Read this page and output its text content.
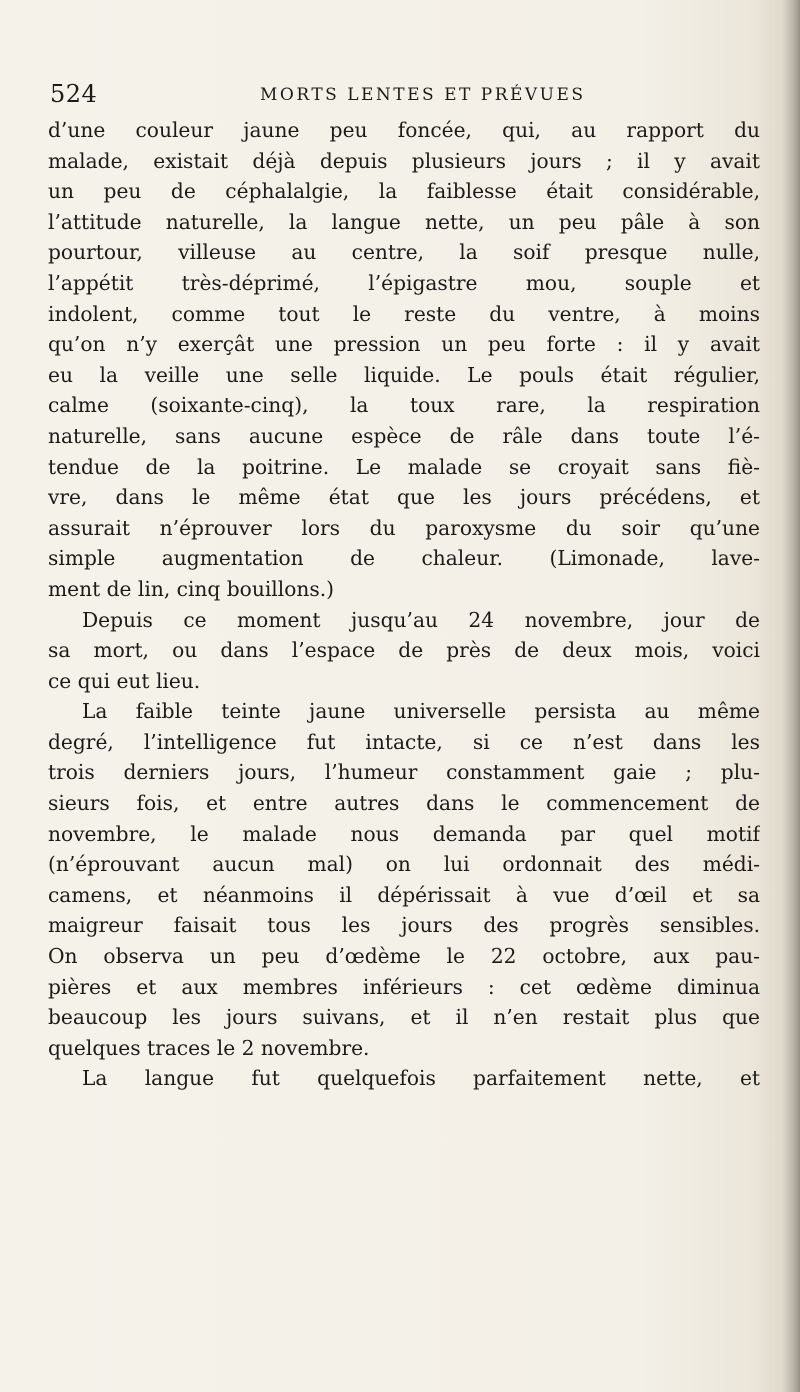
524	MORTS LENTES ET PRÉVUES
d’une couleur jaune peu foncée, qui, au rapport du
malade, existait déjà depuis plusieurs jours ; il y avait
un peu de céphalalgie, la faiblesse était considérable,
l’attitude naturelle, la langue nette, un peu pâle à son
pourtour, villeuse au centre, la soif presque nulle,
l’appétit très-déprimé, l’épigastre mou, souple et
indolent, comme tout le reste du ventre, à moins
qu’on n’y exerçât une pression un peu forte : il y avait
eu la veille une selle liquide. Le pouls était régulier,
calme (soixante-cinq), la toux rare, la respiration
naturelle, sans aucune espèce de râle dans toute l’é-
tendue de la poitrine. Le malade se croyait sans fiè-
vre, dans le même état que les jours précédens, et
assurait n’éprouver lors du paroxysme du soir qu’une
simple augmentation de chaleur. (Limonade, lave-
ment de lin, cinq bouillons.)
Depuis ce moment jusqu’au 24 novembre, jour de
sa mort, ou dans l’espace de près de deux mois, voici
ce qui eut lieu.
La faible teinte jaune universelle persista au même
degré, l’intelligence fut intacte, si ce n’est dans les
trois derniers jours, l’humeur constamment gaie ; plu-
sieurs fois, et entre autres dans le commencement de
novembre, le malade nous demanda par quel motif
(n’éprouvant aucun mal) on lui ordonnait des médi-
camens, et néanmoins il dépérissait à vue d’œil et sa
maigreur faisait tous les jours des progrès sensibles.
On observa un peu d’œdème le 22 octobre, aux pau-
pières et aux membres inférieurs : cet œdème diminua
beaucoup les jours suivans, et il n’en restait plus que
quelques traces le 2 novembre.
La langue fut quelquefois parfaitement nette, et
